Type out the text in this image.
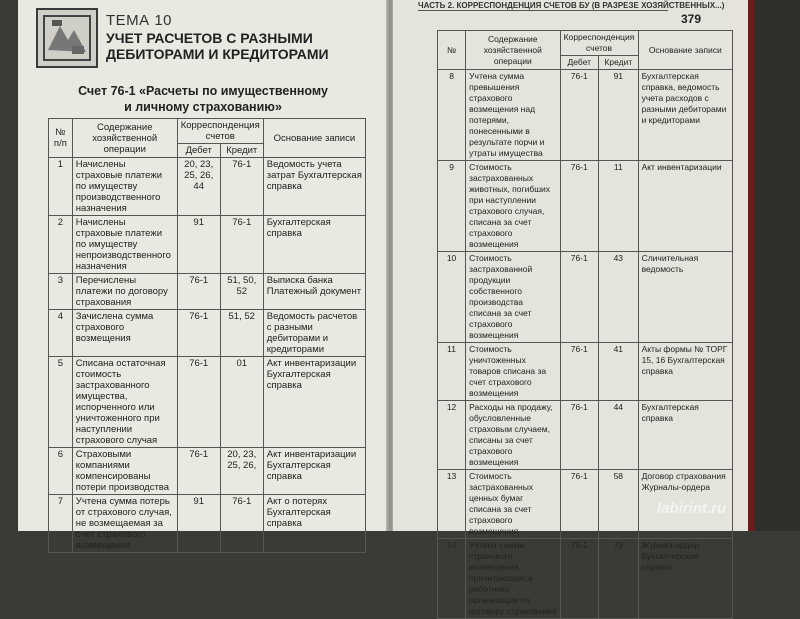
ТЕМА 10
УЧЕТ РАСЧЕТОВ С РАЗНЫМИ ДЕБИТОРАМИ И КРЕДИТОРАМИ
Счет 76-1 «Расчеты по имущественному и личному страхованию»
№ п/п	Содержание хозяйственной операции	Корреспонденция счетов		Основание записи
		Дебет	Кредит	
1	Начислены страховые платежи по имуществу производственного назначения	20, 23, 25, 26, 44	76-1	Ведомость учета затрат Бухгалтерская справка
2	Начислены страховые платежи по имуществу непроизводственного назначения	91	76-1	Бухгалтерская справка
3	Перечислены платежи по договору страхования	76-1	51, 50, 52	Выписка банка Платежный документ
4	Зачислена сумма страхового возмещения	76-1	51, 52	Ведомость расчетов с разными дебиторами и кредиторами
5	Списана остаточная стоимость застрахованного имущества, испорченного или уничтоженного при наступлении страхового случая	76-1	01	Акт инвентаризации Бухгалтерская справка
6	Страховыми компаниями компенсированы потери производства	76-1	20, 23, 25, 26,	Акт инвентаризации Бухгалтерская справка
7	Учтена сумма потерь от страхового случая, не возмещаемая за счет страхового возмещения	91	76-1	Акт о потерях Бухгалтерская справка
ЧАСТЬ 2. КОРРЕСПОНДЕНЦИЯ СЧЕТОВ БУ (В РАЗРЕЗЕ ХОЗЯЙСТВЕННЫХ...)
379
№	Содержание хозяйственной операции	Корреспонденция счетов		Основание записи
		Дебет	Кредит	
8	Учтена сумма превышения страхового возмещения над потерями, понесенными в результате порчи и утраты имущества	76-1	91	Бухгалтерская справка, ведомость учета расходов с разными дебиторами и кредиторами
9	Стоимость застрахованных животных, погибших при наступлении страхового случая, списана за счет страхового возмещения	76-1	11	Акт инвентаризации
10	Стоимость застрахованной продукции собственного производства списана за счет страхового возмещения	76-1	43	Сличительная ведомость
11	Стоимость уничтоженных товаров списана за счет страхового возмещения	76-1	41	Акты формы № ТОРГ 15, 16 Бухгалтерская справка
12	Расходы на продажу, обусловленные страховым случаем, списаны за счет страхового возмещения	76-1	44	Бухгалтерская справка
13	Стоимость застрахованных ценных бумаг списана за счет страхового возмещения	76-1	58	Договор страхования Журналы-ордера
14	Учтена сумма страхового возмещения, причитающаяся работнику организации по договору страхования	76-1	73	Журнал-ордер Бухгалтерская справка
labirint.ru
